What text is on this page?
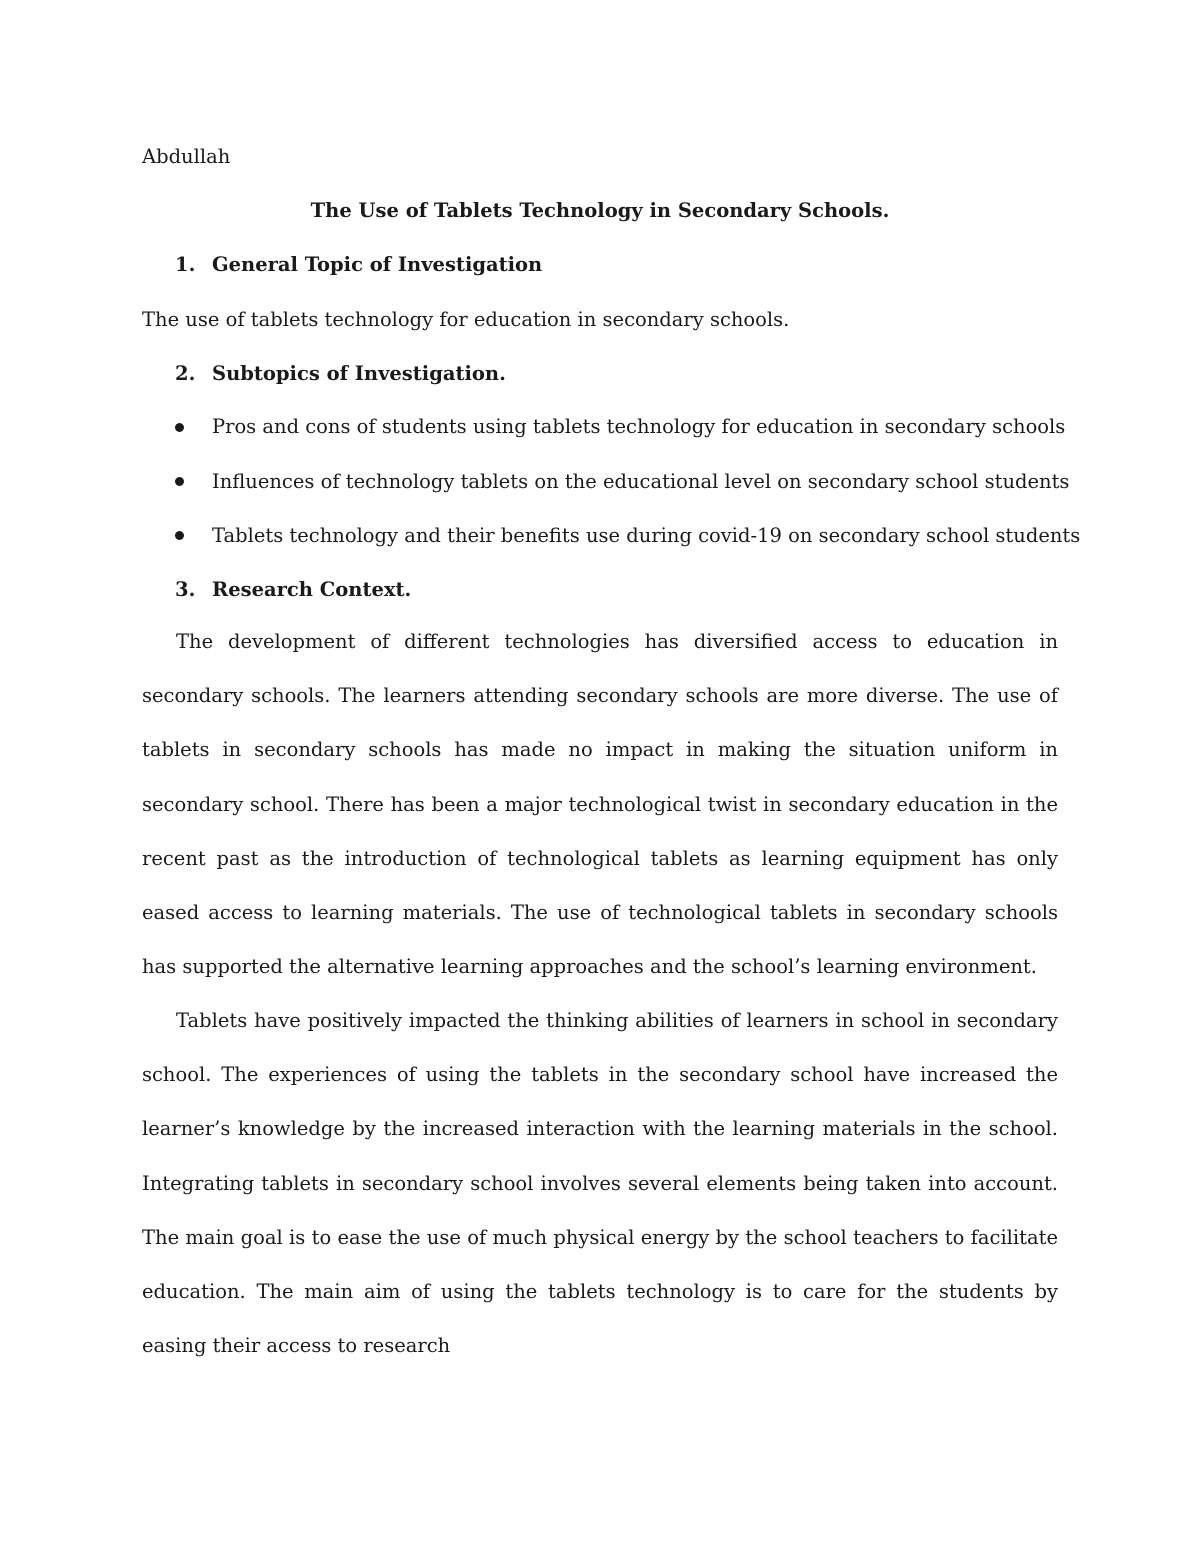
Abdullah
The Use of Tablets Technology in Secondary Schools.
1. General Topic of Investigation
The use of tablets technology for education in secondary schools.
2. Subtopics of Investigation.
Pros and cons of students using tablets technology for education in secondary schools
Influences of technology tablets on the educational level on secondary school students
Tablets technology and their benefits use during covid-19 on secondary school students
3. Research Context.

The development of different technologies has diversified access to education in secondary schools. The learners attending secondary schools are more diverse. The use of tablets in secondary schools has made no impact in making the situation uniform in secondary school. There has been a major technological twist in secondary education in the recent past as the introduction of technological tablets as learning equipment has only eased access to learning materials. The use of technological tablets in secondary schools has supported the alternative learning approaches and the school’s learning environment.

Tablets have positively impacted the thinking abilities of learners in school in secondary school. The experiences of using the tablets in the secondary school have increased the learner’s knowledge by the increased interaction with the learning materials in the school. Integrating tablets in secondary school involves several elements being taken into account. The main goal is to ease the use of much physical energy by the school teachers to facilitate education. The main aim of using the tablets technology is to care for the students by easing their access to research
